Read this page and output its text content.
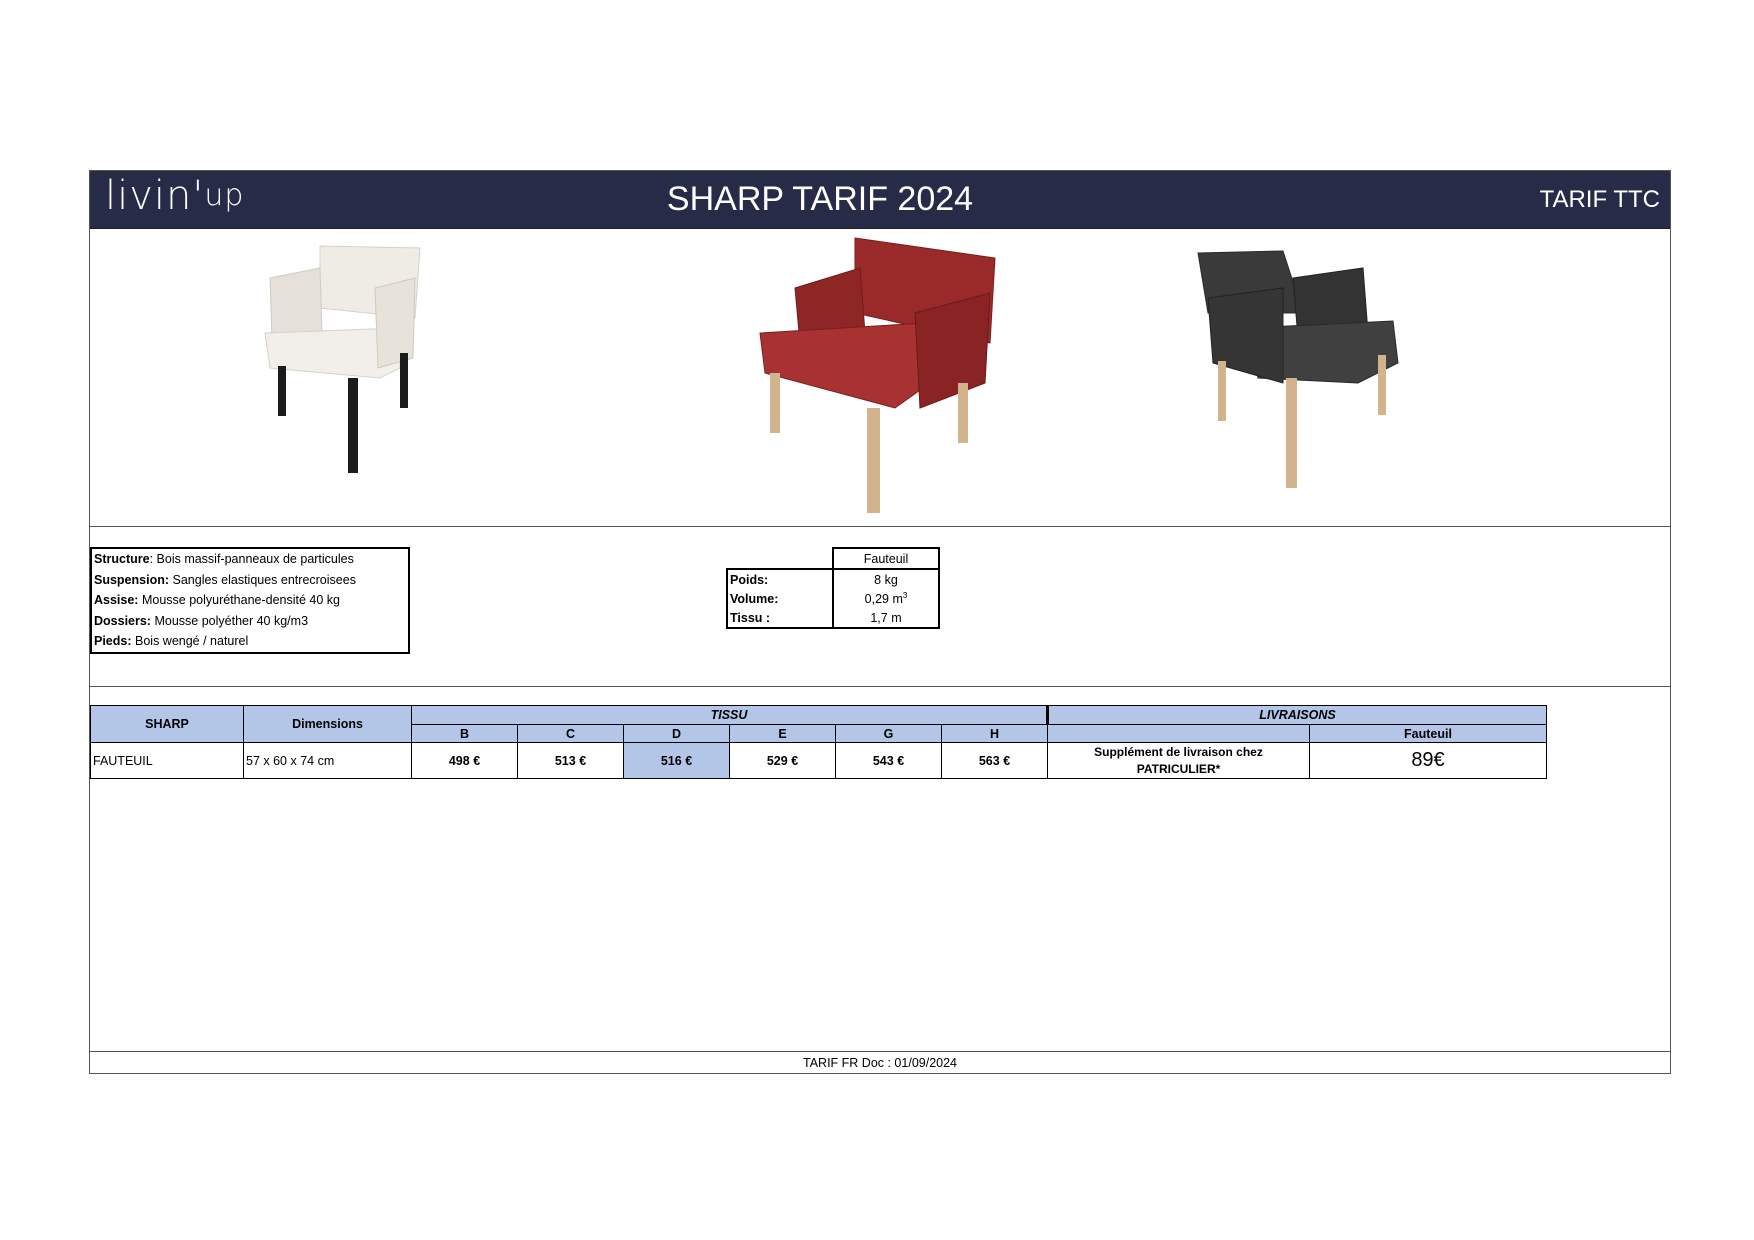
$livin'^{up}$	SHARP TARIF 2024	TARIF TTC
Structure: Bois massif-panneaux de particules
Suspension: Sangles elastiques entrecroisees
Assise: Mousse polyuréthane-densité 40 kg
Dossiers: Mousse polyéther 40 kg/m3
Pieds: Bois wengé / naturel
	Fauteuil
Poids:	8 kg
Volume:	0,29 $m^3$
Tissu :	1,7 m
SHARP	Dimensions	TISSU						LIVRAISONS	
		B	C	D	E	G	H		Fauteuil
FAUTEUIL	57 x 60 x 74 cm	498 €	513 €	516 €	529 €	543 €	563 €	Supplément de livraison chez
PATRICULIER*	89€
TARIF FR Doc : 01/09/2024
